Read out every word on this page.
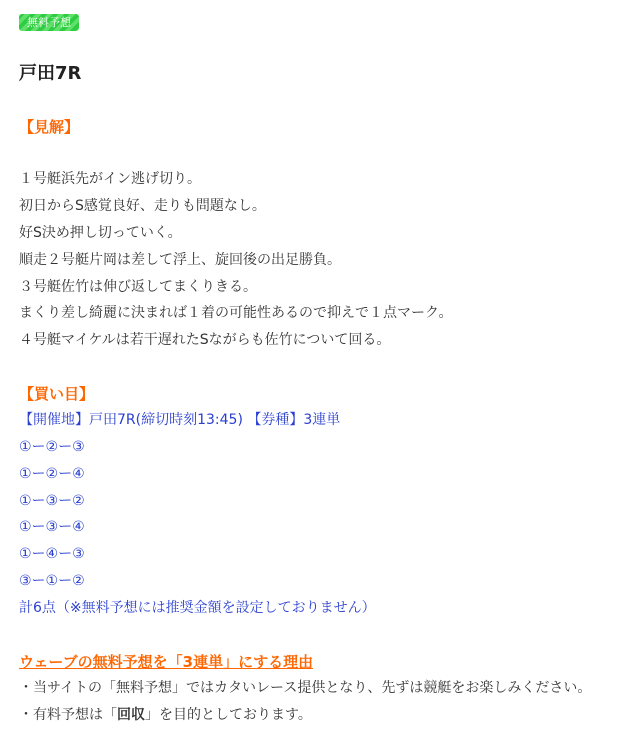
無料予想
戸田7R
【見解】
１号艇浜先がイン逃げ切り。
初日からS感覚良好、走りも問題なし。
好S決め押し切っていく。
順走２号艇片岡は差して浮上、旋回後の出足勝負。
３号艇佐竹は伸び返してまくりきる。
まくり差し綺麗に決まれば１着の可能性あるので抑えで１点マーク。
４号艇マイケルは若干遅れたSながらも佐竹について回る。
【買い目】
【開催地】戸田7R(締切時刻13:45) 【券種】3連単
①ー②ー③
①ー②ー④
①ー③ー②
①ー③ー④
①ー④ー③
③ー①ー②
計6点（※無料予想には推奨金額を設定しておりません）
ウェーブの無料予想を「3連単」にする理由
・当サイトの「無料予想」ではカタいレース提供となり、先ずは競艇をお楽しみください。
・有料予想は「回収」を目的としております。
